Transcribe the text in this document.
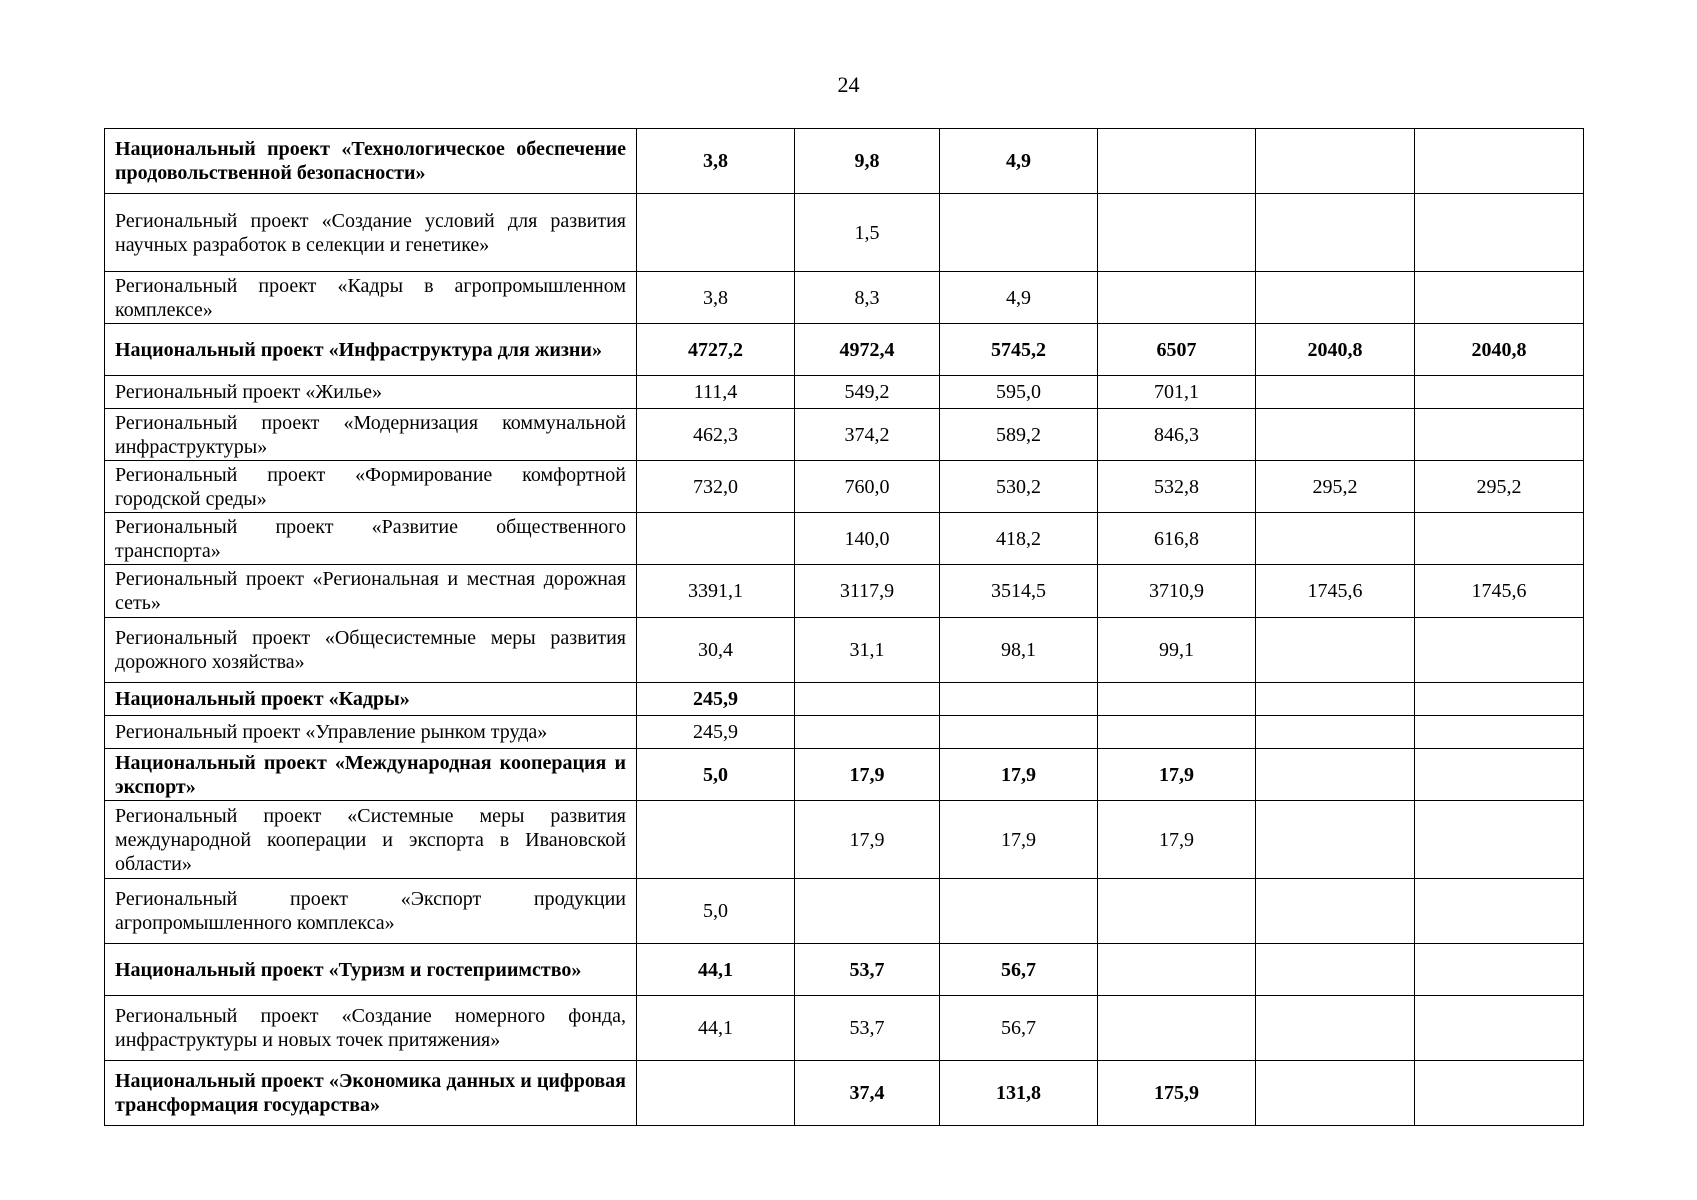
24
Национальный проект «Технологическое обеспечение продовольственной безопасности»	3,8	9,8	4,9			
Региональный проект «Создание условий для развития научных разработок в селекции и генетике»		1,5				
Региональный проект «Кадры в агропромышленном комплексе»	3,8	8,3	4,9			
Национальный проект «Инфраструктура для жизни»	4727,2	4972,4	5745,2	6507	2040,8	2040,8
Региональный проект «Жилье»	111,4	549,2	595,0	701,1		
Региональный проект «Модернизация коммунальной инфраструктуры»	462,3	374,2	589,2	846,3		
Региональный проект «Формирование комфортной городской среды»	732,0	760,0	530,2	532,8	295,2	295,2
Региональный проект «Развитие общественного транспорта»		140,0	418,2	616,8		
Региональный проект «Региональная и местная дорожная сеть»	3391,1	3117,9	3514,5	3710,9	1745,6	1745,6
Региональный проект «Общесистемные меры развития дорожного хозяйства»	30,4	31,1	98,1	99,1		
Национальный проект «Кадры»	245,9					
Региональный проект «Управление рынком труда»	245,9					
Национальный проект «Международная кооперация и экспорт»	5,0	17,9	17,9	17,9		
Региональный проект «Системные меры развития международной кооперации и экспорта в Ивановской области»		17,9	17,9	17,9		
Региональный проект «Экспорт продукции агропромышленного комплекса»	5,0					
Национальный проект «Туризм и гостеприимство»	44,1	53,7	56,7			
Региональный проект «Создание номерного фонда, инфраструктуры и новых точек притяжения»	44,1	53,7	56,7			
Национальный проект «Экономика данных и цифровая трансформация государства»		37,4	131,8	175,9		
